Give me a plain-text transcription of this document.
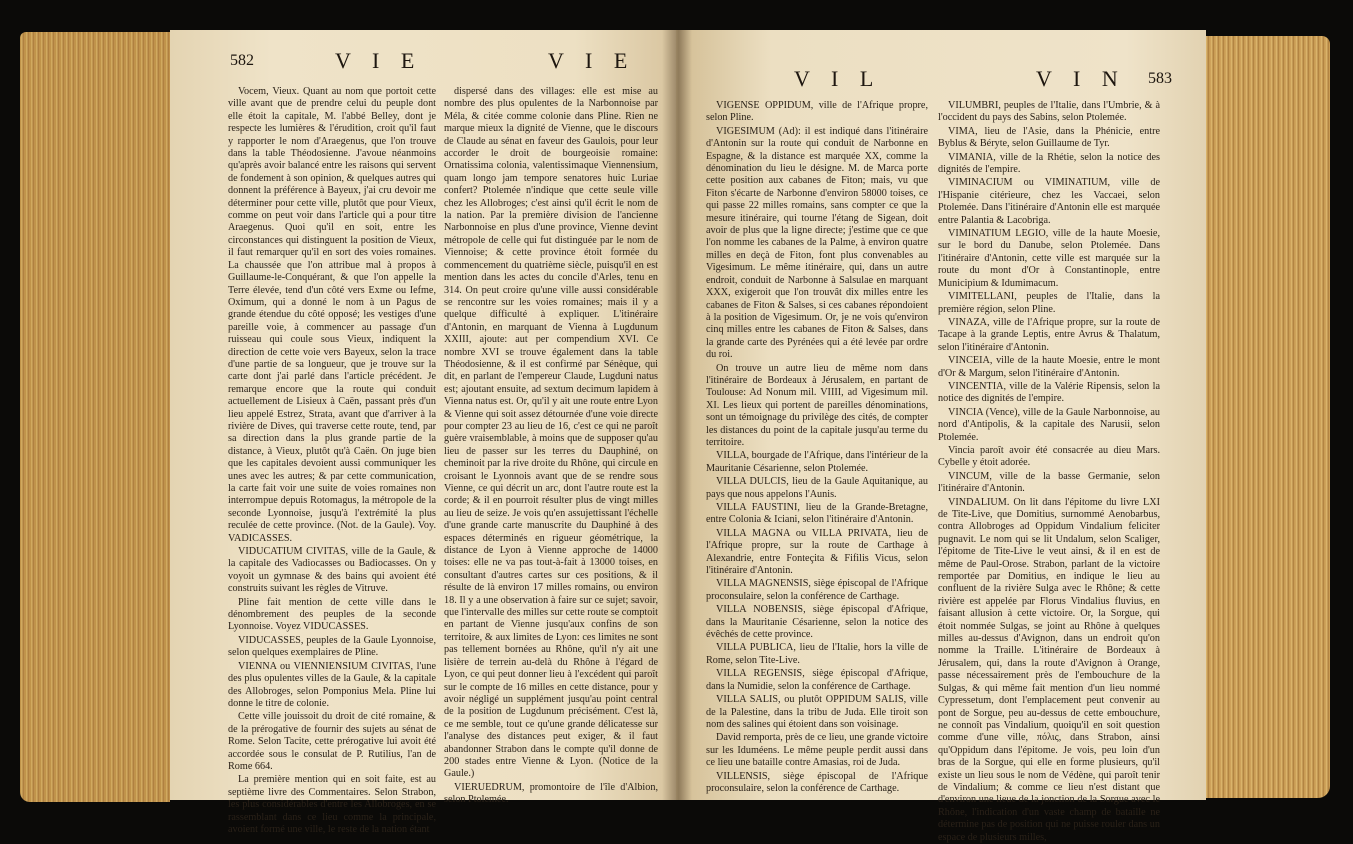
582	V I E	V I E

Vocem, Vieux. Quant au nom que portoit cette ville avant que de prendre celui du peuple dont elle étoit la capitale, M. l'abbé Belley, dont je respecte les lumières & l'érudition, croit qu'il faut y rapporter le nom d'Araegenus, que l'on trouve dans la table Théodosienne. J'avoue néanmoins qu'après avoir balancé entre les raisons qui servent de fondement à son opinion, & quelques autres qui donnent la préférence à Bayeux, j'ai cru devoir me déterminer pour cette ville, plutôt que pour Vieux, comme on peut voir dans l'article qui a pour titre Araegenus. Quoi qu'il en soit, entre les circonstances qui distinguent la position de Vieux, il faut remarquer qu'il en sort des voies romaines. La chaussée que l'on attribue mal à propos à Guillaume-le-Conquérant, & que l'on appelle la Terre élevée, tend d'un côté vers Exme ou Iefme, Oximum, qui a donné le nom à un Pagus de grande étendue du côté opposé; les vestiges d'une pareille voie, à commencer au passage d'un ruisseau qui coule sous Vieux, indiquent la direction de cette voie vers Bayeux, selon la trace d'une partie de sa longueur, que je trouve sur la carte dont j'ai parlé dans l'article précédent. Je remarque encore que la route qui conduit actuellement de Lisieux à Caën, passant près d'un lieu appelé Estrez, Strata, avant que d'arriver à la rivière de Dives, qui traverse cette route, tend, par sa direction dans la plus grande partie de la distance, à Vieux, plutôt qu'à Caën. On juge bien que les capitales devoient aussi communiquer les unes avec les autres; & par cette communication, la carte fait voir une suite de voies romaines non interrompue depuis Rotomagus, la métropole de la seconde Lyonnoise, jusqu'à l'extrémité la plus reculée de cette province. (Not. de la Gaule). Voy. VADICASSES.

VIDUCATIUM CIVITAS, ville de la Gaule, & la capitale des Vadiocasses ou Badiocasses. On y voyoit un gymnase & des bains qui avoient été construits suivant les règles de Vitruve.

Pline fait mention de cette ville dans le dénombrement des peuples de la seconde Lyonnoise. Voyez VIDUCASSES.

VIDUCASSES, peuples de la Gaule Lyonnoise, selon quelques exemplaires de Pline.

VIENNA ou VIENNIENSIUM CIVITAS, l'une des plus opulentes villes de la Gaule, & la capitale des Allobroges, selon Pomponius Mela. Pline lui donne le titre de colonie.

Cette ville jouissoit du droit de cité romaine, & de la prérogative de fournir des sujets au sénat de Rome. Selon Tacite, cette prérogative lui avoit été accordée sous le consulat de P. Rutilius, l'an de Rome 664.

La première mention qui en soit faite, est au septième livre des Commentaires. Selon Strabon, les plus considérables d'entre les Allobroges, en se rassemblant dans ce lieu comme la principale, avoient formé une ville, le reste de la nation étant

dispersé dans des villages: elle est mise au nombre des plus opulentes de la Narbonnoise par Méla, & citée comme colonie dans Pline. Rien ne marque mieux la dignité de Vienne, que le discours de Claude au sénat en faveur des Gaulois, pour leur accorder le droit de bourgeoisie romaine: Ornatissima colonia, valentissimaque Viennensium, quam longo jam tempore senatores huic Luriae confert? Ptolemée n'indique que cette seule ville chez les Allobroges; c'est ainsi qu'il écrit le nom de la nation. Par la première division de l'ancienne Narbonnoise en plus d'une province, Vienne devint métropole de celle qui fut distinguée par le nom de Viennoise; & cette province étoit formée du commencement du quatrième siècle, puisqu'il en est mention dans les actes du concile d'Arles, tenu en 314. On peut croire qu'une ville aussi considérable se rencontre sur les voies romaines; mais il y a quelque difficulté à expliquer. L'itinéraire d'Antonin, en marquant de Vienna à Lugdunum XXIII, ajoute: aut per compendium XVI. Ce nombre XVI se trouve également dans la table Théodosienne, & il est confirmé par Sénèque, qui dit, en parlant de l'empereur Claude, Lugduni natus est; ajoutant ensuite, ad sextum decimum lapidem à Vienna natus est. Or, qu'il y ait une route entre Lyon & Vienne qui soit assez détournée d'une voie directe pour compter 23 au lieu de 16, c'est ce qui ne paroît guère vraisemblable, à moins que de supposer qu'au lieu de passer sur les terres du Dauphiné, on cheminoit par la rive droite du Rhône, qui circule en croisant le Lyonnois avant que de se rendre sous Vienne, ce qui décrit un arc, dont l'autre route est la corde; & il en pourroit résulter plus de vingt milles au lieu de seize. Je vois qu'en assujettissant l'échelle d'une grande carte manuscrite du Dauphiné à des espaces déterminés en rigueur géométrique, la distance de Lyon à Vienne approche de 14000 toises: elle ne va pas tout-à-fait à 13000 toises, en consultant d'autres cartes sur ces positions, & il résulte de là environ 17 milles romains, ou environ 18. Il y a une observation à faire sur ce sujet; savoir, que l'intervalle des milles sur cette route se comptoit en partant de Vienne jusqu'aux confins de son territoire, & aux limites de Lyon: ces limites ne sont pas tellement bornées au Rhône, qu'il n'y ait une lisière de terrein au-delà du Rhône à l'égard de Lyon, ce qui peut donner lieu à l'excédent qui paroît sur le compte de 16 milles en cette distance, pour y avoir négligé un supplément jusqu'au point central de la position de Lugdunum précisément. C'est là, ce me semble, tout ce qu'une grande délicatesse sur l'analyse des distances peut exiger, & il faut abandonner Strabon dans le compte qu'il donne de 200 stades entre Vienne & Lyon. (Notice de la Gaule.)

VIERUEDRUM, promontoire de l'île d'Albion, selon Ptolemée.

V I L	V I N 583

VIGENSE OPPIDUM, ville de l'Afrique propre, selon Pline.

VIGESIMUM (Ad): il est indiqué dans l'itinéraire d'Antonin sur la route qui conduit de Narbonne en Espagne, & la distance est marquée XX, comme la dénomination du lieu le désigne. M. de Marca porte cette position aux cabanes de Fiton; mais, vu que Fiton s'écarte de Narbonne d'environ 58000 toises, ce qui passe 22 milles romains, sans compter ce que la mesure itinéraire, qui tourne l'étang de Sigean, doit avoir de plus que la ligne directe; j'estime que ce que l'on nomme les cabanes de la Palme, à environ quatre milles en deçà de Fiton, font plus convenables au Vigesimum. Le même itinéraire, qui, dans un autre endroit, conduit de Narbonne à Salsulae en marquant XXX, exigeroit que l'on trouvât dix milles entre les cabanes de Fiton & Salses, si ces cabanes répondoient à la position de Vigesimum. Or, je ne vois qu'environ cinq milles entre les cabanes de Fiton & Salses, dans la grande carte des Pyrénées qui a été levée par ordre du roi.

On trouve un autre lieu de même nom dans l'itinéraire de Bordeaux à Jérusalem, en partant de Toulouse: Ad Nonum mil. VIIII, ad Vigesimum mil. XI. Les lieux qui portent de pareilles dénominations, sont un témoignage du privilège des cités, de compter les distances du point de la capitale jusqu'au terme du territoire.

VILLA, bourgade de l'Afrique, dans l'intérieur de la Mauritanie Césarienne, selon Ptolemée.

VILLA DULCIS, lieu de la Gaule Aquitanique, au pays que nous appelons l'Aunis.

VILLA FAUSTINI, lieu de la Grande-Bretagne, entre Colonia & Iciani, selon l'itinéraire d'Antonin.

VILLA MAGNA ou VILLA PRIVATA, lieu de l'Afrique propre, sur la route de Carthage à Alexandrie, entre Fonteçita & Fifilis Vicus, selon l'itinéraire d'Antonin.

VILLA MAGNENSIS, siège épiscopal de l'Afrique proconsulaire, selon la conférence de Carthage.

VILLA NOBENSIS, siège épiscopal d'Afrique, dans la Mauritanie Césarienne, selon la notice des évêchés de cette province.

VILLA PUBLICA, lieu de l'Italie, hors la ville de Rome, selon Tite-Live.

VILLA REGENSIS, siège épiscopal d'Afrique, dans la Numidie, selon la conférence de Carthage.

VILLA SALIS, ou plutôt OPPIDUM SALIS, ville de la Palestine, dans la tribu de Juda. Elle tiroit son nom des salines qui étoient dans son voisinage.

David remporta, près de ce lieu, une grande victoire sur les Iduméens. Le même peuple perdit aussi dans ce lieu une bataille contre Amasias, roi de Juda.

VILLENSIS, siège épiscopal de l'Afrique proconsulaire, selon la conférence de Carthage.

VILUMBRI, peuples de l'Italie, dans l'Umbrie, & à l'occident du pays des Sabins, selon Ptolemée.

VIMA, lieu de l'Asie, dans la Phénicie, entre Byblus & Béryte, selon Guillaume de Tyr.

VIMANIA, ville de la Rhétie, selon la notice des dignités de l'empire.

VIMINACIUM ou VIMINATIUM, ville de l'Hispanie citérieure, chez les Vaccaei, selon Ptolemée. Dans l'itinéraire d'Antonin elle est marquée entre Palantia & Lacobriga.

VIMINATIUM LEGIO, ville de la haute Moesie, sur le bord du Danube, selon Ptolemée. Dans l'itinéraire d'Antonin, cette ville est marquée sur la route du mont d'Or à Constantinople, entre Municipium & Idumimacum.

VIMITELLANI, peuples de l'Italie, dans la première région, selon Pline.

VINAZA, ville de l'Afrique propre, sur la route de Tacape à la grande Leptis, entre Avrus & Thalatum, selon l'itinéraire d'Antonin.

VINCEIA, ville de la haute Moesie, entre le mont d'Or & Margum, selon l'itinéraire d'Antonin.

VINCENTIA, ville de la Valérie Ripensis, selon la notice des dignités de l'empire.

VINCIA (Vence), ville de la Gaule Narbonnoise, au nord d'Antipolis, & la capitale des Narusii, selon Ptolemée.

Vincia paroît avoir été consacrée au dieu Mars. Cybelle y étoit adorée.

VINCUM, ville de la basse Germanie, selon l'itinéraire d'Antonin.

VINDALIUM. On lit dans l'épitome du livre LXI de Tite-Live, que Domitius, surnommé Aenobarbus, contra Allobroges ad Oppidum Vindalium feliciter pugnavit. Le nom qui se lit Undalum, selon Scaliger, l'épitome de Tite-Live le veut ainsi, & il en est de même de Paul-Orose. Strabon, parlant de la victoire remportée par Domitius, en indique le lieu au confluent de la rivière Sulga avec le Rhône; & cette rivière est appelée par Florus Vindalius fluvius, en faisant allusion à cette victoire. Or, la Sorgue, qui étoit nommée Sulgas, se joint au Rhône à quelques milles au-dessus d'Avignon, dans un endroit qu'on nomme la Traille. L'itinéraire de Bordeaux à Jérusalem, qui, dans la route d'Avignon à Orange, passe nécessairement près de l'embouchure de la Sulgas, & qui même fait mention d'un lieu nommé Cypressetum, dont l'emplacement peut convenir au pont de Sorgue, peu au-dessus de cette embouchure, ne connoît pas Vindalium, quoiqu'il en soit question comme d'une ville, πόλις, dans Strabon, ainsi qu'Oppidum dans l'épitome. Je vois, peu loin d'un bras de la Sorgue, qui elle en forme plusieurs, qu'il existe un lieu sous le nom de Védène, qui paroît tenir de Vindalium; & comme ce lieu n'est distant que d'environ une lieue de la jonction de la Sorgue avec le Rhône, l'indication d'un vaste champ de bataille ne détermine pas de position qui ne puisse rouler dans un espace de plusieurs milles,
